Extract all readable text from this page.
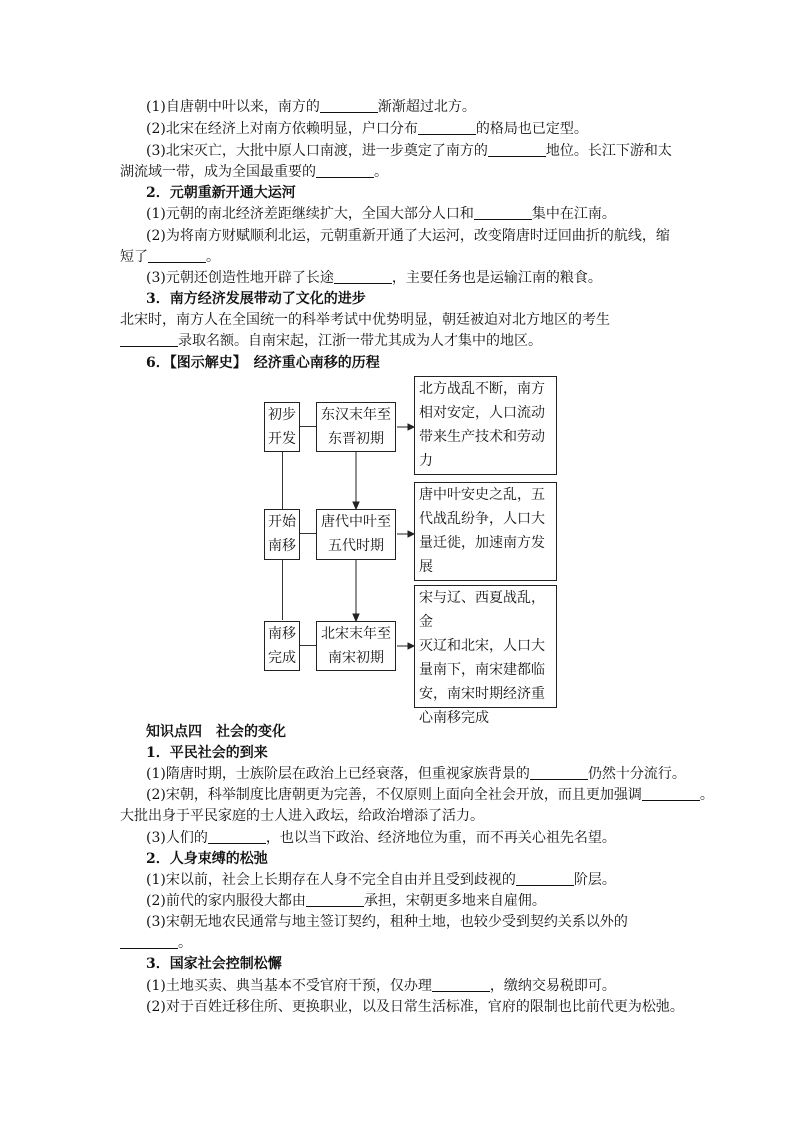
(1)自唐朝中叶以来，南方的	渐渐超过北方。
(2)北宋在经济上对南方依赖明显，户口分布	的格局也已定型。
(3)北宋灭亡，大批中原人口南渡，进一步奠定了南方的	地位。长江下游和太
湖流域一带，成为全国最重要的	。
2．元朝重新开通大运河
(1)元朝的南北经济差距继续扩大，全国大部分人口和	集中在江南。
(2)为将南方财赋顺利北运，元朝重新开通了大运河，改变隋唐时迂回曲折的航线，缩
短了	。
(3)元朝还创造性地开辟了长途	，主要任务也是运输江南的粮食。
3．南方经济发展带动了文化的进步
北宋时，南方人在全国统一的科举考试中优势明显，朝廷被迫对北方地区的考生
录取名额。自南宋起，江浙一带尤其成为人才集中的地区。
6．【图示解史】　经济重心南移的历程
初步
开发
东汉末年至
东晋初期
北方战乱不断，南方
相对安定，人口流动
带来生产技术和劳动
力
开始
南移
唐代中叶至
五代时期
唐中叶安史之乱，五
代战乱纷争，人口大
量迁徙，加速南方发
展
南移
完成
北宋末年至
南宋初期
宋与辽、西夏战乱，金
灭辽和北宋，人口大
量南下，南宋建都临
安，南宋时期经济重
心南移完成
知识点四　社会的变化
1．平民社会的到来
(1)隋唐时期，士族阶层在政治上已经衰落，但重视家族背景的	仍然十分流行。
(2)宋朝，科举制度比唐朝更为完善，不仅原则上面向全社会开放，而且更加强调	。
大批出身于平民家庭的士人进入政坛，给政治增添了活力。
(3)人们的	，也以当下政治、经济地位为重，而不再关心祖先名望。
2．人身束缚的松弛
(1)宋以前，社会上长期存在人身不完全自由并且受到歧视的	阶层。
(2)前代的家内服役大都由	承担，宋朝更多地来自雇佣。
(3)宋朝无地农民通常与地主签订契约，租种土地，也较少受到契约关系以外的
。
3．国家社会控制松懈
(1)土地买卖、典当基本不受官府干预，仅办理	，缴纳交易税即可。
(2)对于百姓迁移住所、更换职业，以及日常生活标准，官府的限制也比前代更为松弛。
